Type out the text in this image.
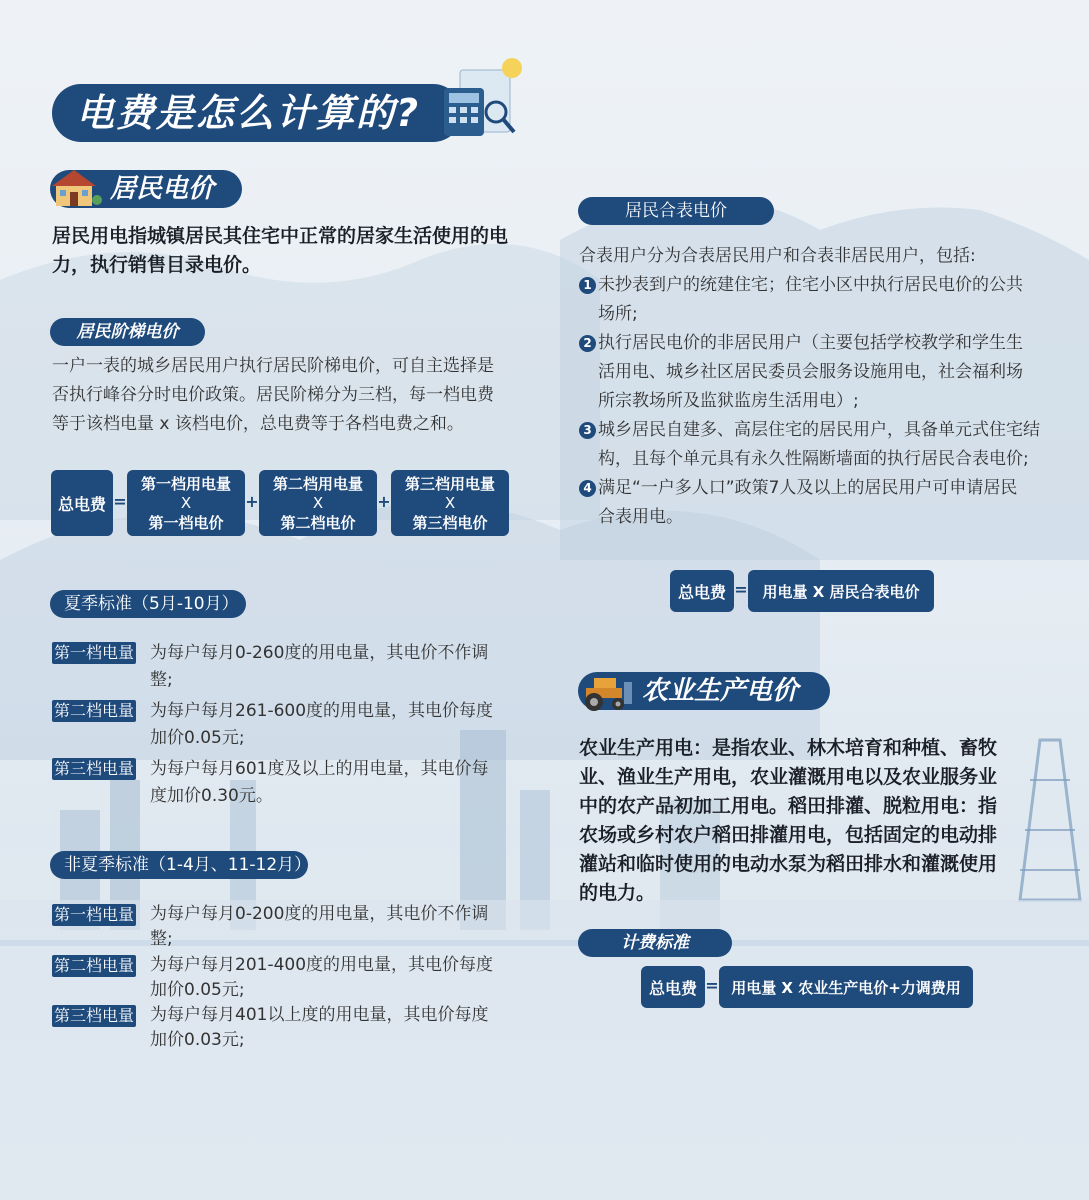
电费是怎么计算的?
居民电价
居民用电指城镇居民其住宅中正常的居家生活使用的电力，执行销售目录电价。
居民阶梯电价
一户一表的城乡居民用户执行居民阶梯电价，可自主选择是
否执行峰谷分时电价政策。居民阶梯分为三档，每一档电费
等于该档电量 x 该档电价，总电费等于各档电费之和。
总电费 =
第一档用电量
X
第一档电价
+
第二档用电量
X
第二档电价
+
第三档用电量
X
第三档电价
夏季标准（5月-10月）
第一档电量 为每户每月0-260度的用电量，其电价不作调
整;
第二档电量 为每户每月261-600度的用电量，其电价每度
加价0.05元;
第三档电量 为每户每月601度及以上的用电量，其电价每
度加价0.30元。
非夏季标准（1-4月、11-12月）
第一档电量 为每户每月0-200度的用电量，其电价不作调
整;
第二档电量 为每户每月201-400度的用电量，其电价每度
加价0.05元;
第三档电量 为每户每月401以上度的用电量，其电价每度
加价0.03元;
居民合表电价
合表用户分为合表居民用户和合表非居民用户，包括:
1 未抄表到户的统建住宅；住宅小区中执行居民电价的公共
场所;
2 执行居民电价的非居民用户（主要包括学校教学和学生生
活用电、城乡社区居民委员会服务设施用电，社会福利场
所宗教场所及监狱监房生活用电）;
3 城乡居民自建多、高层住宅的居民用户，具备单元式住宅结
构，且每个单元具有永久性隔断墙面的执行居民合表电价;
4 满足“一户多人口”政策7人及以上的居民用户可申请居民
合表用电。
总电费 = 用电量 X 居民合表电价
农业生产电价
农业生产用电：是指农业、林木培育和种植、畜牧
业、渔业生产用电，农业灌溉用电以及农业服务业
中的农产品初加工用电。稻田排灌、脱粒用电：指
农场或乡村农户稻田排灌用电，包括固定的电动排
灌站和临时使用的电动水泵为稻田排水和灌溉使用
的电力。
计费标准
总电费 = 用电量 X 农业生产电价+力调费用
